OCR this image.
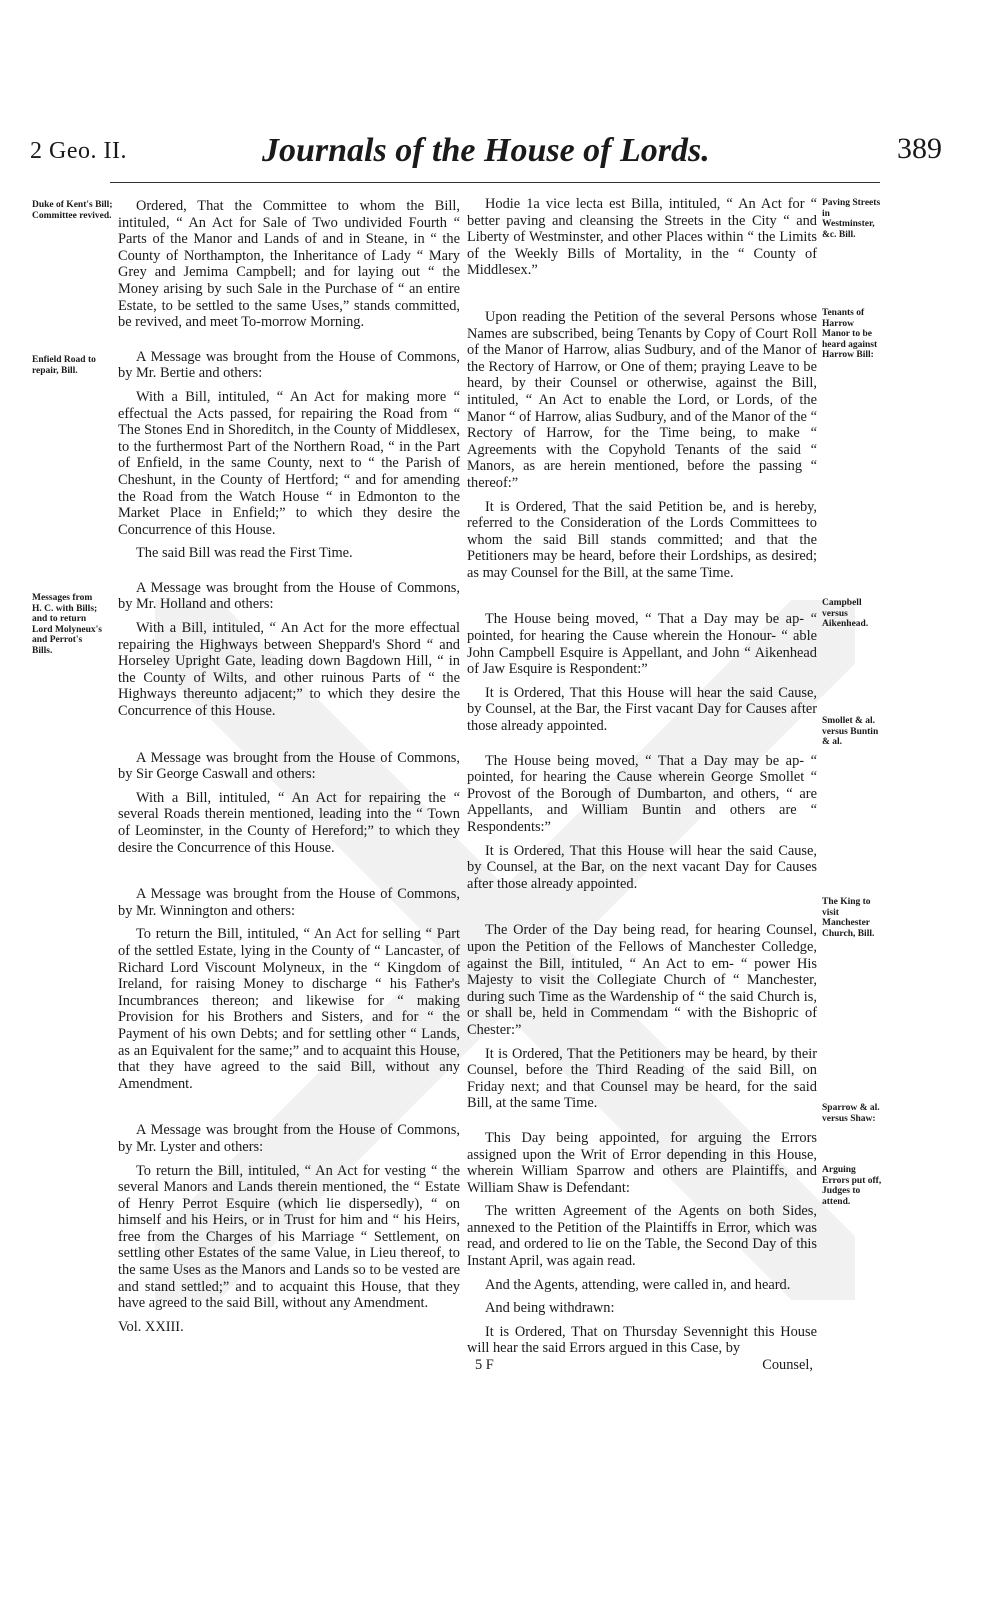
2 Geo. II.	Journals of the House of Lords.	389
Duke of Kent's Bill; Committee revived.
Enfield Road to repair, Bill.
Messages from H. C. with Bills; and to return Lord Molyneux's and Perrot's Bills.
Paving Streets in Westminster, &c. Bill.
Tenants of Harrow Manor to be heard against Harrow Bill:
Campbell versus Aikenhead.
Smollet & al. versus Buntin & al.
The King to visit Manchester Church, Bill.
Sparrow & al. versus Shaw:
Arguing Errors put off, Judges to attend.

Ordered, That the Committee to whom the Bill, intituled, “ An Act for Sale of Two undivided Fourth “ Parts of the Manor and Lands of and in Steane, in “ the County of Northampton, the Inheritance of Lady “ Mary Grey and Jemima Campbell; and for laying out “ the Money arising by such Sale in the Purchase of “ an entire Estate, to be settled to the same Uses,” stands committed, be revived, and meet To-morrow Morning.

A Message was brought from the House of Commons, by Mr. Bertie and others:

With a Bill, intituled, “ An Act for making more “ effectual the Acts passed, for repairing the Road from “ The Stones End in Shoreditch, in the County of Middlesex, to the furthermost Part of the Northern Road, “ in the Part of Enfield, in the same County, next to “ the Parish of Cheshunt, in the County of Hertford; “ and for amending the Road from the Watch House “ in Edmonton to the Market Place in Enfield;” to which they desire the Concurrence of this House.

The said Bill was read the First Time.

A Message was brought from the House of Commons, by Mr. Holland and others:

With a Bill, intituled, “ An Act for the more effectual repairing the Highways between Sheppard's Shord “ and Horseley Upright Gate, leading down Bagdown Hill, “ in the County of Wilts, and other ruinous Parts of “ the Highways thereunto adjacent;” to which they desire the Concurrence of this House.

A Message was brought from the House of Commons, by Sir George Caswall and others:

With a Bill, intituled, “ An Act for repairing the “ several Roads therein mentioned, leading into the “ Town of Leominster, in the County of Hereford;” to which they desire the Concurrence of this House.

A Message was brought from the House of Commons, by Mr. Winnington and others:

To return the Bill, intituled, “ An Act for selling “ Part of the settled Estate, lying in the County of “ Lancaster, of Richard Lord Viscount Molyneux, in the “ Kingdom of Ireland, for raising Money to discharge “ his Father's Incumbrances thereon; and likewise for “ making Provision for his Brothers and Sisters, and for “ the Payment of his own Debts; and for settling other “ Lands, as an Equivalent for the same;” and to acquaint this House, that they have agreed to the said Bill, without any Amendment.

A Message was brought from the House of Commons, by Mr. Lyster and others:

To return the Bill, intituled, “ An Act for vesting “ the several Manors and Lands therein mentioned, the “ Estate of Henry Perrot Esquire (which lie dispersedly), “ on himself and his Heirs, or in Trust for him and “ his Heirs, free from the Charges of his Marriage “ Settlement, on settling other Estates of the same Value, in Lieu thereof, to the same Uses as the Manors and Lands so to be vested are and stand settled;” and to acquaint this House, that they have agreed to the said Bill, without any Amendment.

Vol. XXIII.

Hodie 1a vice lecta est Billa, intituled, “ An Act for “ better paving and cleansing the Streets in the City “ and Liberty of Westminster, and other Places within “ the Limits of the Weekly Bills of Mortality, in the “ County of Middlesex.”

Upon reading the Petition of the several Persons whose Names are subscribed, being Tenants by Copy of Court Roll of the Manor of Harrow, alias Sudbury, and of the Manor of the Rectory of Harrow, or One of them; praying Leave to be heard, by their Counsel or otherwise, against the Bill, intituled, “ An Act to enable the Lord, or Lords, of the Manor “ of Harrow, alias Sudbury, and of the Manor of the “ Rectory of Harrow, for the Time being, to make “ Agreements with the Copyhold Tenants of the said “ Manors, as are herein mentioned, before the passing “ thereof:”

It is Ordered, That the said Petition be, and is hereby, referred to the Consideration of the Lords Committees to whom the said Bill stands committed; and that the Petitioners may be heard, before their Lordships, as desired; as may Counsel for the Bill, at the same Time.

The House being moved, “ That a Day may be ap- “ pointed, for hearing the Cause wherein the Honour- “ able John Campbell Esquire is Appellant, and John “ Aikenhead of Jaw Esquire is Respondent:”

It is Ordered, That this House will hear the said Cause, by Counsel, at the Bar, the First vacant Day for Causes after those already appointed.

The House being moved, “ That a Day may be ap- “ pointed, for hearing the Cause wherein George Smollet “ Provost of the Borough of Dumbarton, and others, “ are Appellants, and William Buntin and others are “ Respondents:”

It is Ordered, That this House will hear the said Cause, by Counsel, at the Bar, on the next vacant Day for Causes after those already appointed.

The Order of the Day being read, for hearing Counsel, upon the Petition of the Fellows of Manchester Colledge, against the Bill, intituled, “ An Act to em- “ power His Majesty to visit the Collegiate Church of “ Manchester, during such Time as the Wardenship of “ the said Church is, or shall be, held in Commendam “ with the Bishopric of Chester:”

It is Ordered, That the Petitioners may be heard, by their Counsel, before the Third Reading of the said Bill, on Friday next; and that Counsel may be heard, for the said Bill, at the same Time.

This Day being appointed, for arguing the Errors assigned upon the Writ of Error depending in this House, wherein William Sparrow and others are Plaintiffs, and William Shaw is Defendant:

The written Agreement of the Agents on both Sides, annexed to the Petition of the Plaintiffs in Error, which was read, and ordered to lie on the Table, the Second Day of this Instant April, was again read.

And the Agents, attending, were called in, and heard.

And being withdrawn:

It is Ordered, That on Thursday Sevennight this House will hear the said Errors argued in this Case, by

5 F	Counsel,
